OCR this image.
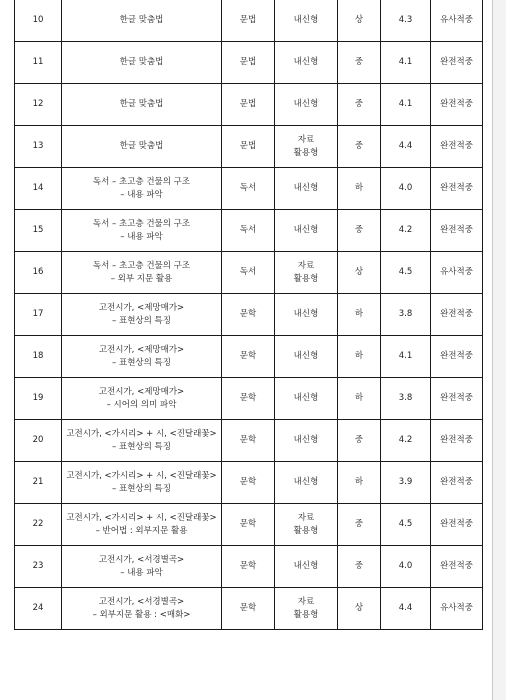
10	한글 맞춤법	문법	내신형	상	4.3	유사적중
11	한글 맞춤법	문법	내신형	중	4.1	완전적중
12	한글 맞춤법	문법	내신형	중	4.1	완전적중
13	한글 맞춤법	문법	자료
활용형	중	4.4	완전적중
14	독서 – 초고층 건물의 구조
– 내용 파악	독서	내신형	하	4.0	완전적중
15	독서 – 초고층 건물의 구조
– 내용 파악	독서	내신형	중	4.2	완전적중
16	독서 – 초고층 건물의 구조
– 외부 지문 활용	독서	자료
활용형	상	4.5	유사적중
17	고전시가, <제망매가>
– 표현상의 특징	문학	내신형	하	3.8	완전적중
18	고전시가, <제망매가>
– 표현상의 특징	문학	내신형	하	4.1	완전적중
19	고전시가, <제망매가>
– 시어의 의미 파악	문학	내신형	하	3.8	완전적중
20	고전시가, <가시리> + 시, <진달래꽃>
– 표현상의 특징	문학	내신형	중	4.2	완전적중
21	고전시가, <가시리> + 시, <진달래꽃>
– 표현상의 특징	문학	내신형	하	3.9	완전적중
22	고전시가, <가시리> + 시, <진달래꽃>
– 반어법 : 외부지문 활용	문학	자료
활용형	중	4.5	완전적중
23	고전시가, <서경별곡>
– 내용 파악	문학	내신형	중	4.0	완전적중
24	고전시가, <서경별곡>
– 외부지문 활용 : <매화>	문학	자료
활용형	상	4.4	유사적중
